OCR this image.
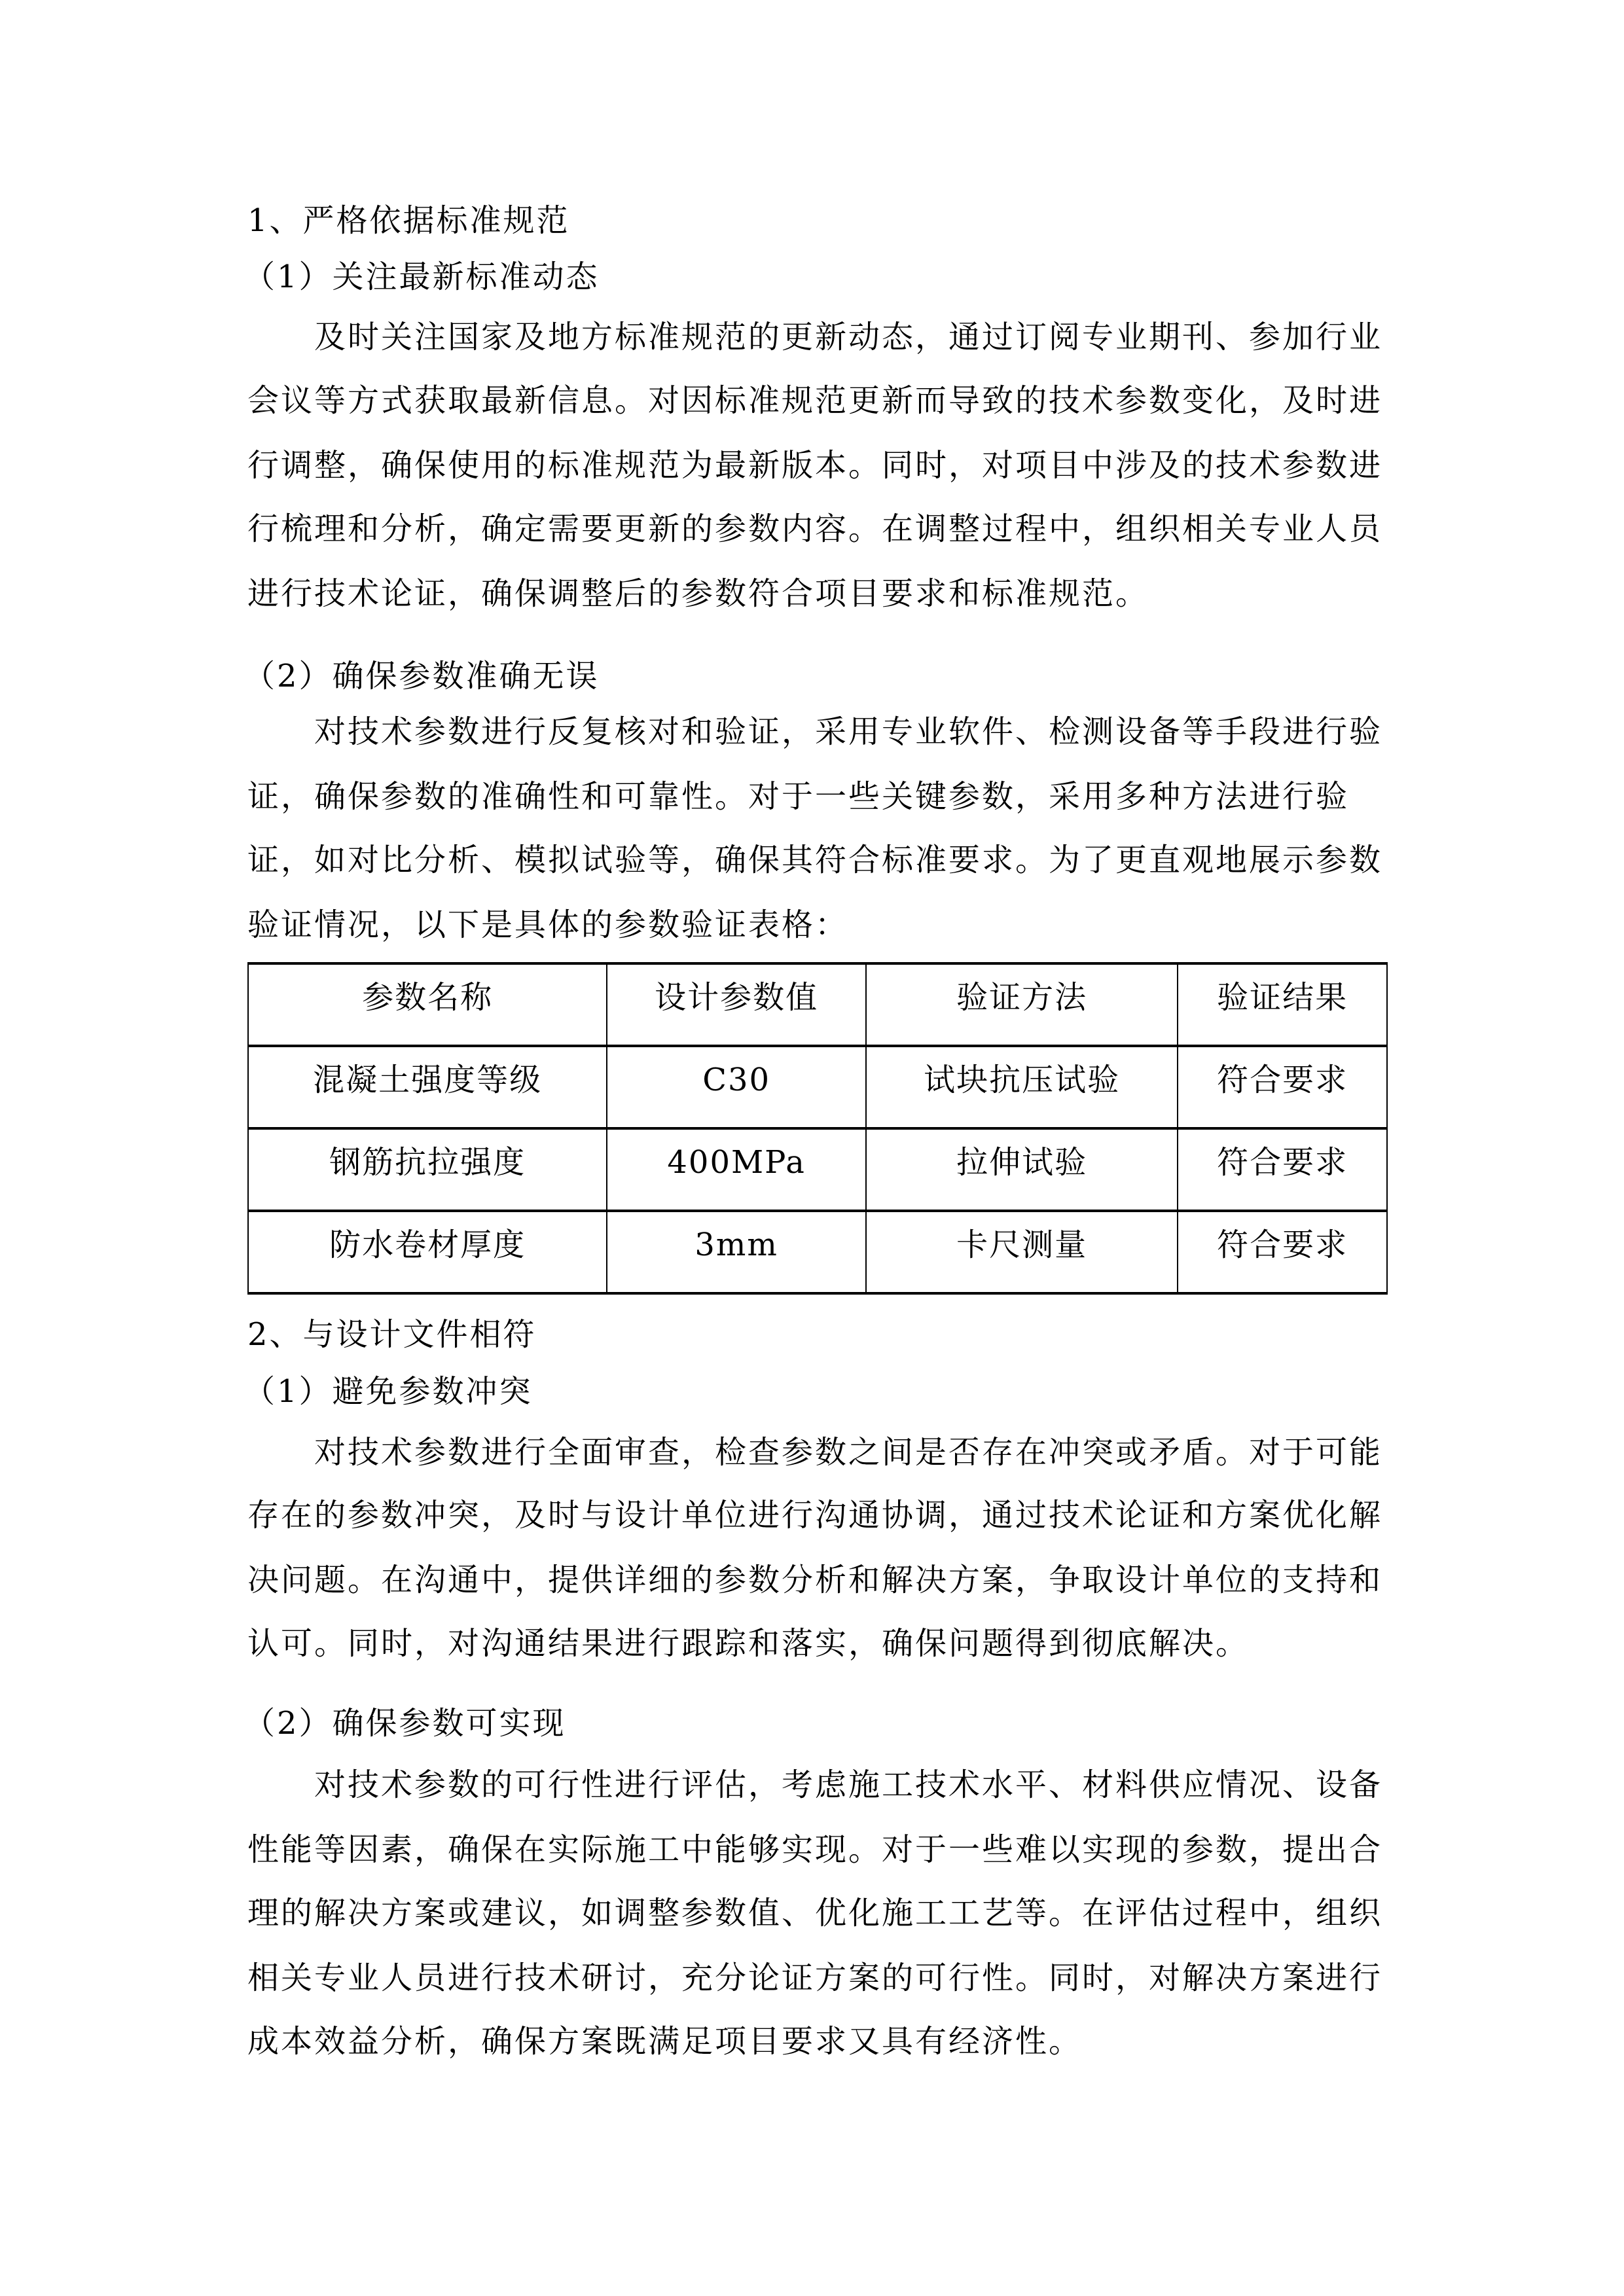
1、严格依据标准规范
（1）关注最新标准动态
及时关注国家及地方标准规范的更新动态，通过订阅专业期刊、参加行业
会议等方式获取最新信息。对因标准规范更新而导致的技术参数变化，及时进
行调整，确保使用的标准规范为最新版本。同时，对项目中涉及的技术参数进
行梳理和分析，确定需要更新的参数内容。在调整过程中，组织相关专业人员
进行技术论证，确保调整后的参数符合项目要求和标准规范。
（2）确保参数准确无误
对技术参数进行反复核对和验证，采用专业软件、检测设备等手段进行验
证，确保参数的准确性和可靠性。对于一些关键参数，采用多种方法进行验
证，如对比分析、模拟试验等，确保其符合标准要求。为了更直观地展示参数
验证情况，以下是具体的参数验证表格：
参数名称	设计参数值	验证方法	验证结果

混凝土强度等级	C30	试块抗压试验	符合要求

钢筋抗拉强度	400MPa	拉伸试验	符合要求

防水卷材厚度	3mm	卡尺测量	符合要求
2、与设计文件相符
（1）避免参数冲突
对技术参数进行全面审查，检查参数之间是否存在冲突或矛盾。对于可能
存在的参数冲突，及时与设计单位进行沟通协调，通过技术论证和方案优化解
决问题。在沟通中，提供详细的参数分析和解决方案，争取设计单位的支持和
认可。同时，对沟通结果进行跟踪和落实，确保问题得到彻底解决。
（2）确保参数可实现
对技术参数的可行性进行评估，考虑施工技术水平、材料供应情况、设备
性能等因素，确保在实际施工中能够实现。对于一些难以实现的参数，提出合
理的解决方案或建议，如调整参数值、优化施工工艺等。在评估过程中，组织
相关专业人员进行技术研讨，充分论证方案的可行性。同时，对解决方案进行
成本效益分析，确保方案既满足项目要求又具有经济性。
